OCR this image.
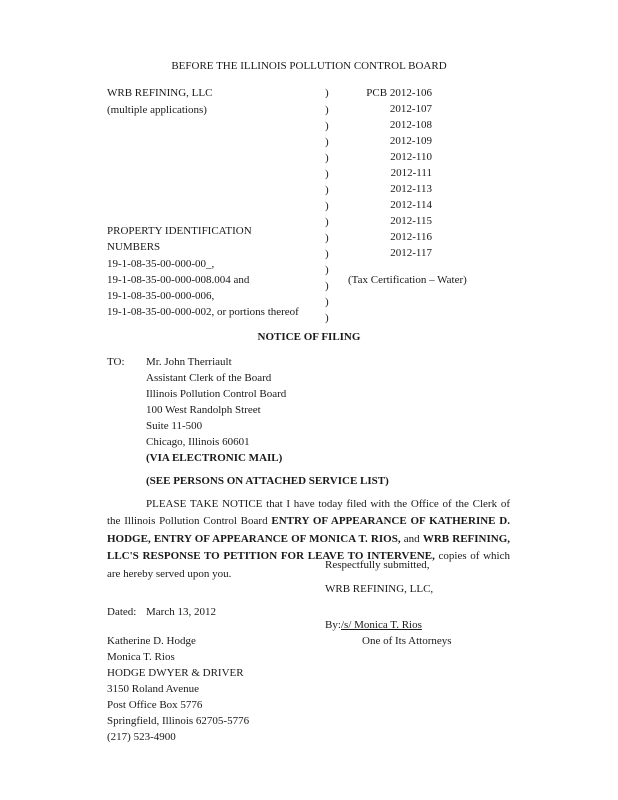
BEFORE THE ILLINOIS POLLUTION CONTROL BOARD
WRB REFINING, LLC
(multiple applications)
PROPERTY IDENTIFICATION
NUMBERS
19-1-08-35-00-000-00_,
19-1-08-35-00-000-008.004 and
19-1-08-35-00-000-006,
19-1-08-35-00-000-002, or portions thereof
)
)
)
)
)
)
)
)
)
)
)
)
)
)
)
PCB 2012-106
2012-107
2012-108
2012-109
2012-110
2012-111
2012-113
2012-114
2012-115
2012-116
2012-117
(Tax Certification – Water)
NOTICE OF FILING
TO: Mr. John Therriault
Assistant Clerk of the Board
Illinois Pollution Control Board
100 West Randolph Street
Suite 11-500
Chicago, Illinois 60601
(VIA ELECTRONIC MAIL)
(SEE PERSONS ON ATTACHED SERVICE LIST)
PLEASE TAKE NOTICE that I have today filed with the Office of the Clerk of the Illinois Pollution Control Board ENTRY OF APPEARANCE OF KATHERINE D. HODGE, ENTRY OF APPEARANCE OF MONICA T. RIOS, and WRB REFINING, LLC'S RESPONSE TO PETITION FOR LEAVE TO INTERVENE, copies of which are hereby served upon you.
Respectfully submitted,
WRB REFINING, LLC,
Dated: March 13, 2012
By: /s/ Monica T. Rios
One of Its Attorneys
Katherine D. Hodge
Monica T. Rios
HODGE DWYER & DRIVER
3150 Roland Avenue
Post Office Box 5776
Springfield, Illinois 62705-5776
(217) 523-4900
